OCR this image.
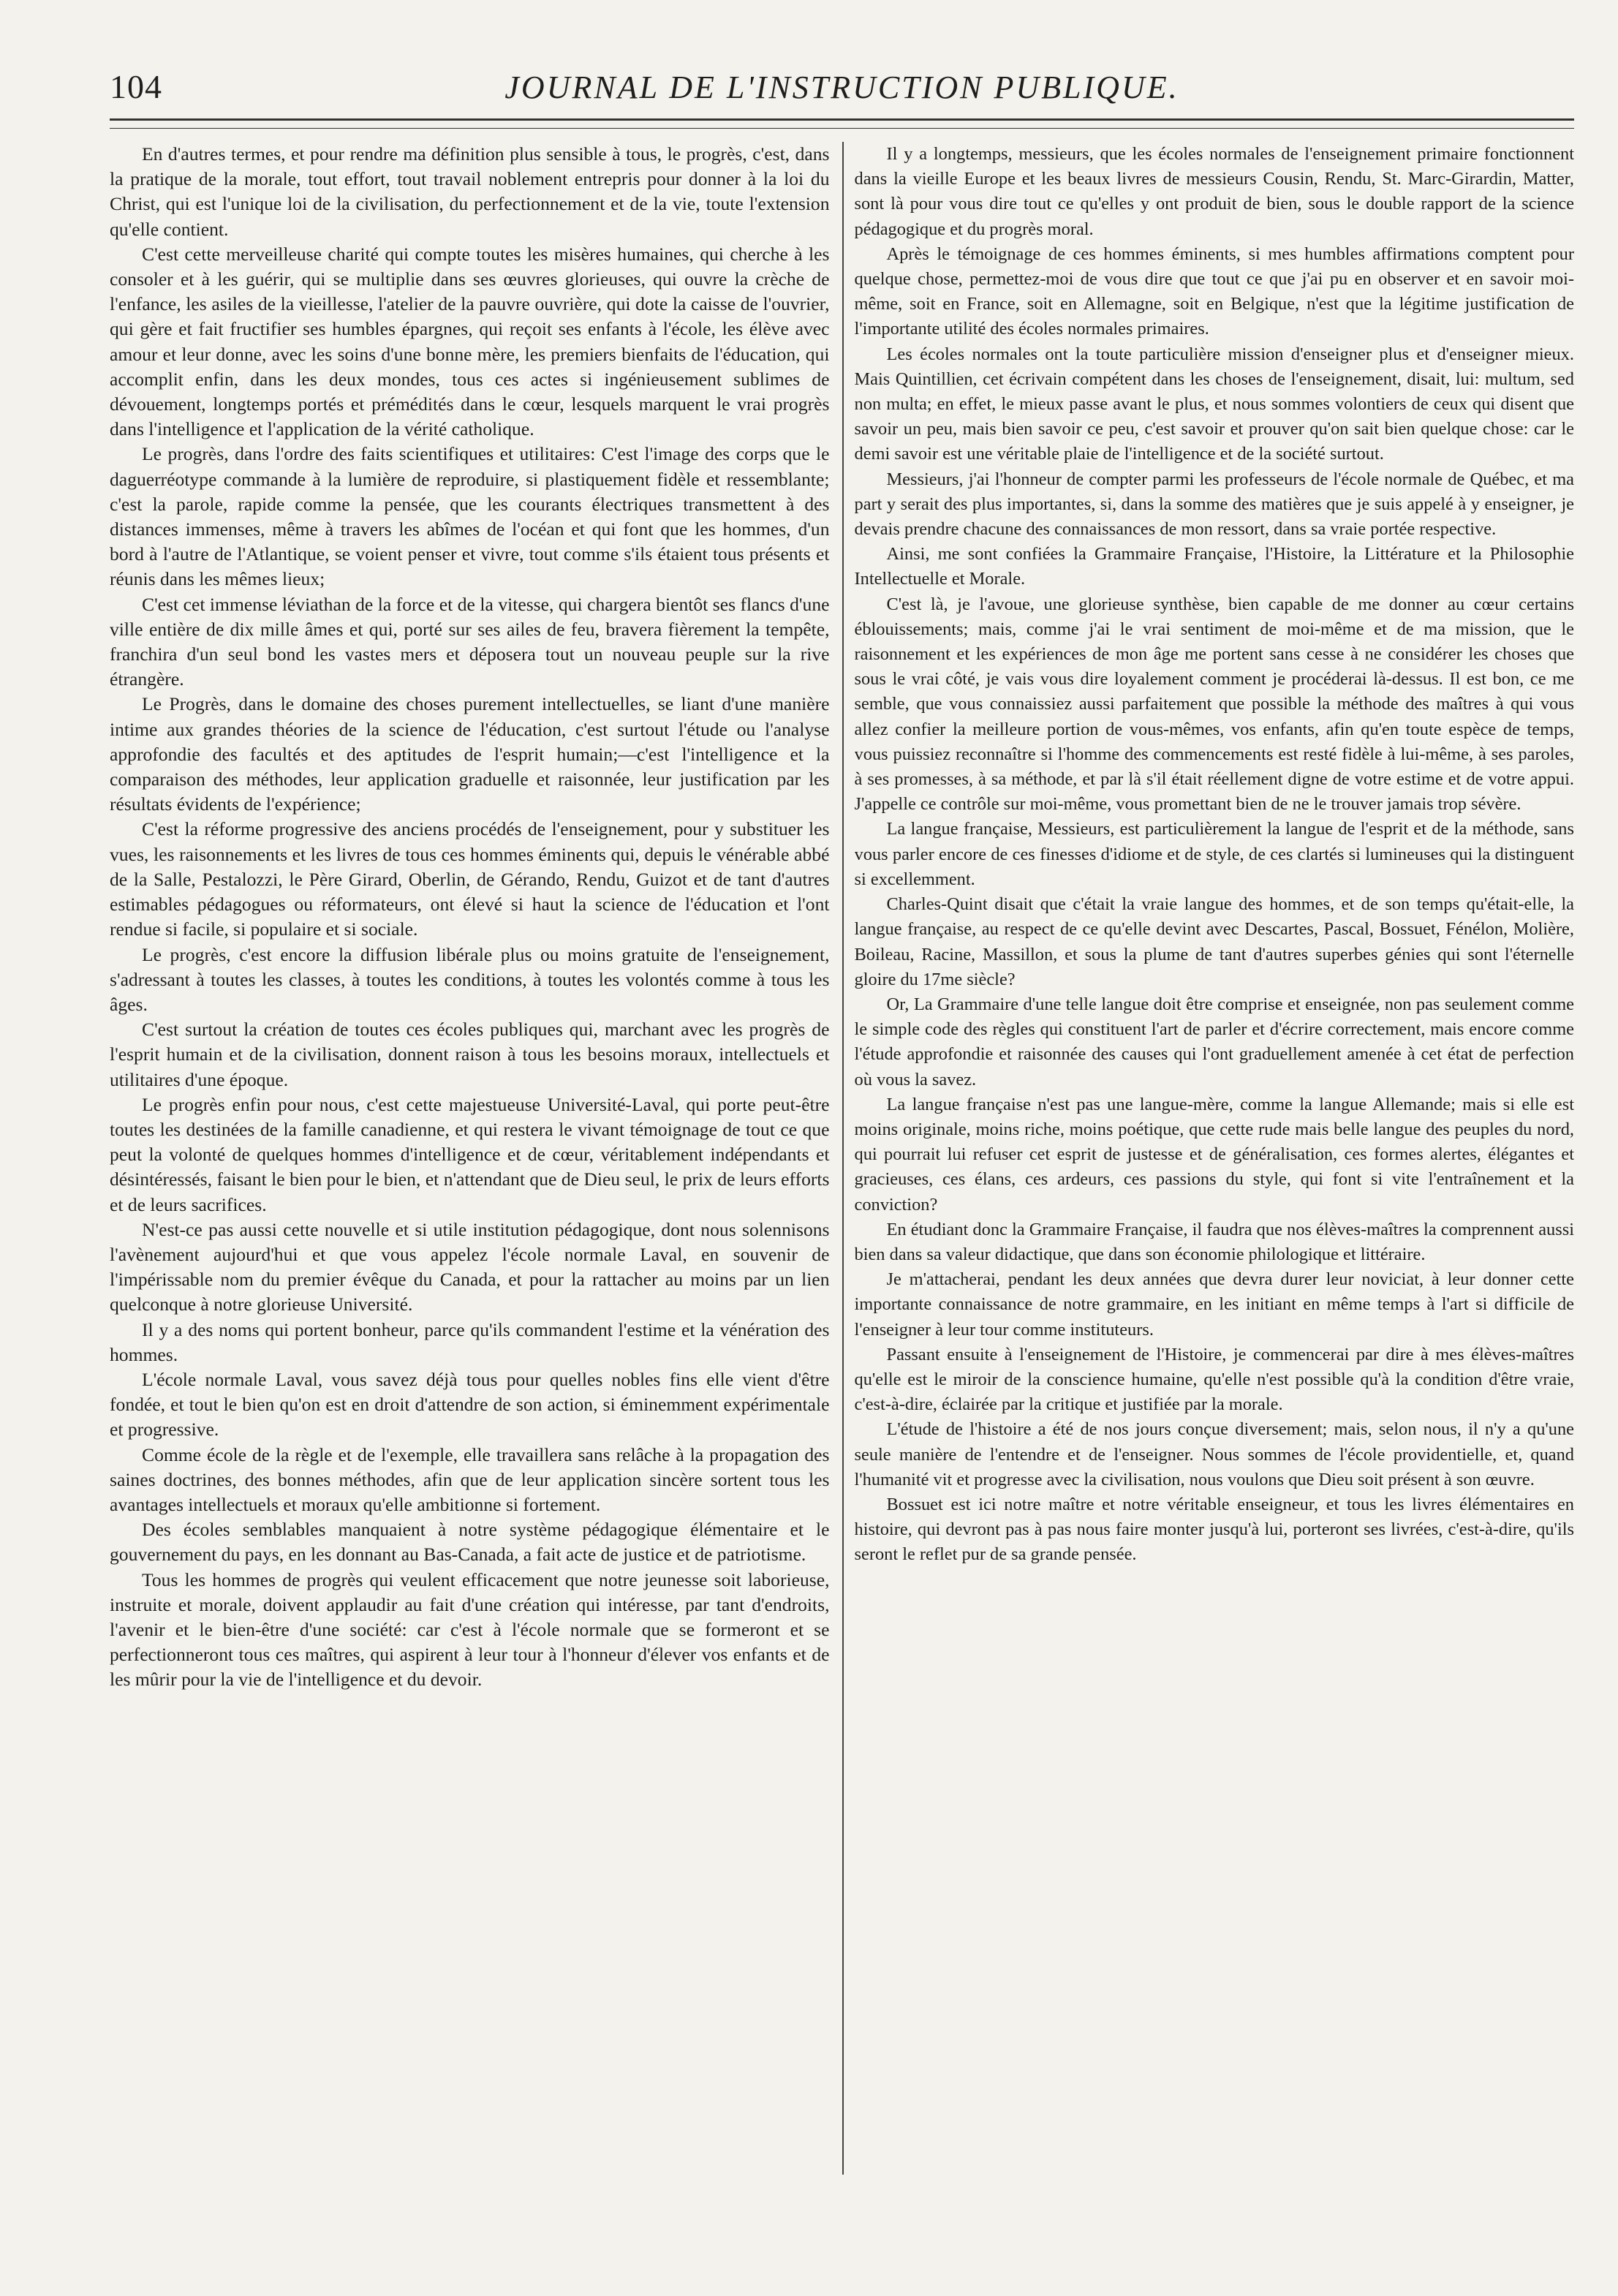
104	JOURNAL DE L'INSTRUCTION PUBLIQUE.

En d'autres termes, et pour rendre ma définition plus sensible à tous, le progrès, c'est, dans la pratique de la morale, tout effort, tout travail noblement entrepris pour donner à la loi du Christ, qui est l'unique loi de la civilisation, du perfectionnement et de la vie, toute l'extension qu'elle contient.

C'est cette merveilleuse charité qui compte toutes les misères humaines, qui cherche à les consoler et à les guérir, qui se multiplie dans ses œuvres glorieuses, qui ouvre la crèche de l'enfance, les asiles de la vieillesse, l'atelier de la pauvre ouvrière, qui dote la caisse de l'ouvrier, qui gère et fait fructifier ses humbles épargnes, qui reçoit ses enfants à l'école, les élève avec amour et leur donne, avec les soins d'une bonne mère, les premiers bienfaits de l'éducation, qui accomplit enfin, dans les deux mondes, tous ces actes si ingénieusement sublimes de dévouement, longtemps portés et prémédités dans le cœur, lesquels marquent le vrai progrès dans l'intelligence et l'application de la vérité catholique.

Le progrès, dans l'ordre des faits scientifiques et utilitaires: C'est l'image des corps que le daguerréotype commande à la lumière de reproduire, si plastiquement fidèle et ressemblante; c'est la parole, rapide comme la pensée, que les courants électriques transmettent à des distances immenses, même à travers les abîmes de l'océan et qui font que les hommes, d'un bord à l'autre de l'Atlantique, se voient penser et vivre, tout comme s'ils étaient tous présents et réunis dans les mêmes lieux;

C'est cet immense léviathan de la force et de la vitesse, qui chargera bientôt ses flancs d'une ville entière de dix mille âmes et qui, porté sur ses ailes de feu, bravera fièrement la tempête, franchira d'un seul bond les vastes mers et déposera tout un nouveau peuple sur la rive étrangère.

Le Progrès, dans le domaine des choses purement intellectuelles, se liant d'une manière intime aux grandes théories de la science de l'éducation, c'est surtout l'étude ou l'analyse approfondie des facultés et des aptitudes de l'esprit humain;—c'est l'intelligence et la comparaison des méthodes, leur application graduelle et raisonnée, leur justification par les résultats évidents de l'expérience;

C'est la réforme progressive des anciens procédés de l'enseignement, pour y substituer les vues, les raisonnements et les livres de tous ces hommes éminents qui, depuis le vénérable abbé de la Salle, Pestalozzi, le Père Girard, Oberlin, de Gérando, Rendu, Guizot et de tant d'autres estimables pédagogues ou réformateurs, ont élevé si haut la science de l'éducation et l'ont rendue si facile, si populaire et si sociale.

Le progrès, c'est encore la diffusion libérale plus ou moins gratuite de l'enseignement, s'adressant à toutes les classes, à toutes les conditions, à toutes les volontés comme à tous les âges.

C'est surtout la création de toutes ces écoles publiques qui, marchant avec les progrès de l'esprit humain et de la civilisation, donnent raison à tous les besoins moraux, intellectuels et utilitaires d'une époque.

Le progrès enfin pour nous, c'est cette majestueuse Université-Laval, qui porte peut-être toutes les destinées de la famille canadienne, et qui restera le vivant témoignage de tout ce que peut la volonté de quelques hommes d'intelligence et de cœur, véritablement indépendants et désintéressés, faisant le bien pour le bien, et n'attendant que de Dieu seul, le prix de leurs efforts et de leurs sacrifices.

N'est-ce pas aussi cette nouvelle et si utile institution pédagogique, dont nous solennisons l'avènement aujourd'hui et que vous appelez l'école normale Laval, en souvenir de l'impérissable nom du premier évêque du Canada, et pour la rattacher au moins par un lien quelconque à notre glorieuse Université.

Il y a des noms qui portent bonheur, parce qu'ils commandent l'estime et la vénération des hommes.

L'école normale Laval, vous savez déjà tous pour quelles nobles fins elle vient d'être fondée, et tout le bien qu'on est en droit d'attendre de son action, si éminemment expérimentale et progressive.

Comme école de la règle et de l'exemple, elle travaillera sans relâche à la propagation des saines doctrines, des bonnes méthodes, afin que de leur application sincère sortent tous les avantages intellectuels et moraux qu'elle ambitionne si fortement.

Des écoles semblables manquaient à notre système pédagogique élémentaire et le gouvernement du pays, en les donnant au Bas-Canada, a fait acte de justice et de patriotisme.

Tous les hommes de progrès qui veulent efficacement que notre jeunesse soit laborieuse, instruite et morale, doivent applaudir au fait d'une création qui intéresse, par tant d'endroits, l'avenir et le bien-être d'une société: car c'est à l'école normale que se formeront et se perfectionneront tous ces maîtres, qui aspirent à leur tour à l'honneur d'élever vos enfants et de les mûrir pour la vie de l'intelligence et du devoir.

Il y a longtemps, messieurs, que les écoles normales de l'enseignement primaire fonctionnent dans la vieille Europe et les beaux livres de messieurs Cousin, Rendu, St. Marc-Girardin, Matter, sont là pour vous dire tout ce qu'elles y ont produit de bien, sous le double rapport de la science pédagogique et du progrès moral.

Après le témoignage de ces hommes éminents, si mes humbles affirmations comptent pour quelque chose, permettez-moi de vous dire que tout ce que j'ai pu en observer et en savoir moi-même, soit en France, soit en Allemagne, soit en Belgique, n'est que la légitime justification de l'importante utilité des écoles normales primaires.

Les écoles normales ont la toute particulière mission d'enseigner plus et d'enseigner mieux. Mais Quintillien, cet écrivain compétent dans les choses de l'enseignement, disait, lui: multum, sed non multa; en effet, le mieux passe avant le plus, et nous sommes volontiers de ceux qui disent que savoir un peu, mais bien savoir ce peu, c'est savoir et prouver qu'on sait bien quelque chose: car le demi savoir est une véritable plaie de l'intelligence et de la société surtout.

Messieurs, j'ai l'honneur de compter parmi les professeurs de l'école normale de Québec, et ma part y serait des plus importantes, si, dans la somme des matières que je suis appelé à y enseigner, je devais prendre chacune des connaissances de mon ressort, dans sa vraie portée respective.

Ainsi, me sont confiées la Grammaire Française, l'Histoire, la Littérature et la Philosophie Intellectuelle et Morale.

C'est là, je l'avoue, une glorieuse synthèse, bien capable de me donner au cœur certains éblouissements; mais, comme j'ai le vrai sentiment de moi-même et de ma mission, que le raisonnement et les expériences de mon âge me portent sans cesse à ne considérer les choses que sous le vrai côté, je vais vous dire loyalement comment je procéderai là-dessus. Il est bon, ce me semble, que vous connaissiez aussi parfaitement que possible la méthode des maîtres à qui vous allez confier la meilleure portion de vous-mêmes, vos enfants, afin qu'en toute espèce de temps, vous puissiez reconnaître si l'homme des commencements est resté fidèle à lui-même, à ses paroles, à ses promesses, à sa méthode, et par là s'il était réellement digne de votre estime et de votre appui. J'appelle ce contrôle sur moi-même, vous promettant bien de ne le trouver jamais trop sévère.

La langue française, Messieurs, est particulièrement la langue de l'esprit et de la méthode, sans vous parler encore de ces finesses d'idiome et de style, de ces clartés si lumineuses qui la distinguent si excellemment.

Charles-Quint disait que c'était la vraie langue des hommes, et de son temps qu'était-elle, la langue française, au respect de ce qu'elle devint avec Descartes, Pascal, Bossuet, Fénélon, Molière, Boileau, Racine, Massillon, et sous la plume de tant d'autres superbes génies qui sont l'éternelle gloire du 17me siècle?

Or, La Grammaire d'une telle langue doit être comprise et enseignée, non pas seulement comme le simple code des règles qui constituent l'art de parler et d'écrire correctement, mais encore comme l'étude approfondie et raisonnée des causes qui l'ont graduellement amenée à cet état de perfection où vous la savez.

La langue française n'est pas une langue-mère, comme la langue Allemande; mais si elle est moins originale, moins riche, moins poétique, que cette rude mais belle langue des peuples du nord, qui pourrait lui refuser cet esprit de justesse et de généralisation, ces formes alertes, élégantes et gracieuses, ces élans, ces ardeurs, ces passions du style, qui font si vite l'entraînement et la conviction?

En étudiant donc la Grammaire Française, il faudra que nos élèves-maîtres la comprennent aussi bien dans sa valeur didactique, que dans son économie philologique et littéraire.

Je m'attacherai, pendant les deux années que devra durer leur noviciat, à leur donner cette importante connaissance de notre grammaire, en les initiant en même temps à l'art si difficile de l'enseigner à leur tour comme instituteurs.

Passant ensuite à l'enseignement de l'Histoire, je commencerai par dire à mes élèves-maîtres qu'elle est le miroir de la conscience humaine, qu'elle n'est possible qu'à la condition d'être vraie, c'est-à-dire, éclairée par la critique et justifiée par la morale.

L'étude de l'histoire a été de nos jours conçue diversement; mais, selon nous, il n'y a qu'une seule manière de l'entendre et de l'enseigner. Nous sommes de l'école providentielle, et, quand l'humanité vit et progresse avec la civilisation, nous voulons que Dieu soit présent à son œuvre.

Bossuet est ici notre maître et notre véritable enseigneur, et tous les livres élémentaires en histoire, qui devront pas à pas nous faire monter jusqu'à lui, porteront ses livrées, c'est-à-dire, qu'ils seront le reflet pur de sa grande pensée.
